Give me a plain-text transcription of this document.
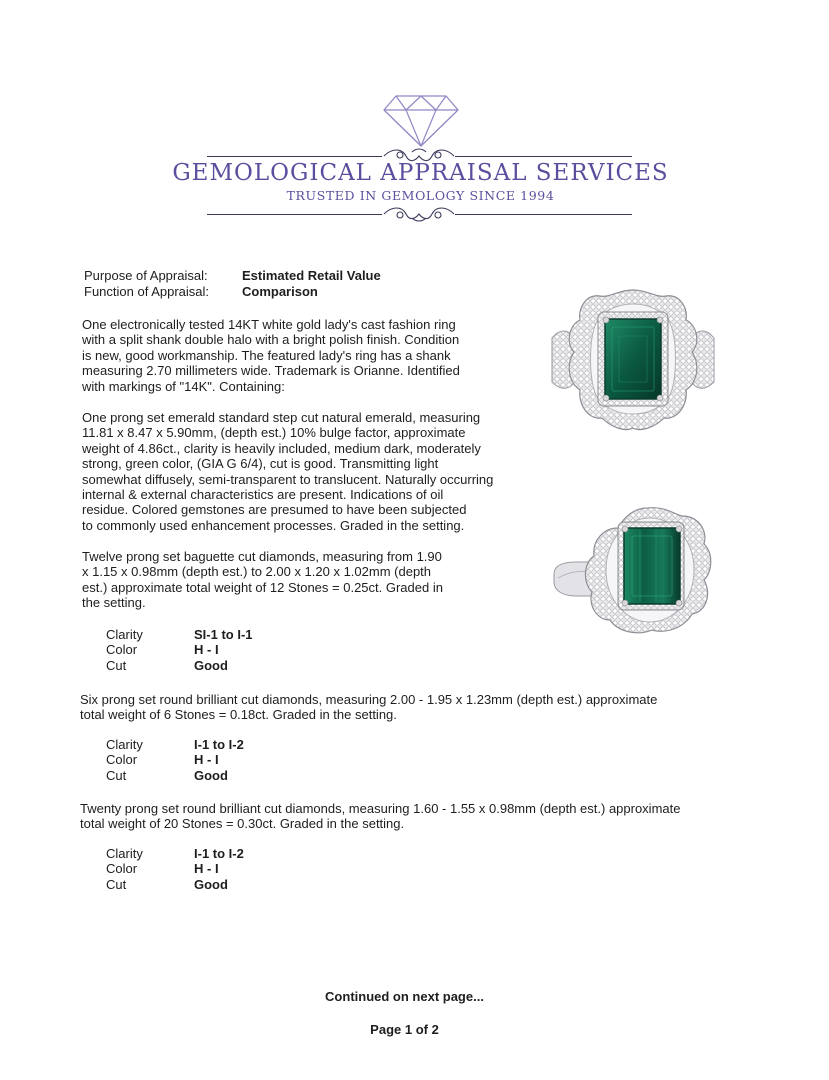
GEMOLOGICAL APPRAISAL SERVICES
TRUSTED IN GEMOLOGY SINCE 1994
Purpose of Appraisal:	Estimated Retail Value
Function of Appraisal:	Comparison
One electronically tested 14KT white gold lady's cast fashion ring
with a split shank double halo with a bright polish finish. Condition
is new, good workmanship. The featured lady's ring has a shank
measuring 2.70 millimeters wide. Trademark is Orianne. Identified
with markings of "14K". Containing:
One prong set emerald standard step cut natural emerald, measuring
11.81 x 8.47 x 5.90mm, (depth est.) 10% bulge factor, approximate
weight of 4.86ct., clarity is heavily included, medium dark, moderately
strong, green color, (GIA G 6/4), cut is good. Transmitting light
somewhat diffusely, semi-transparent to translucent. Naturally occurring
internal & external characteristics are present. Indications of oil
residue. Colored gemstones are presumed to have been subjected
to commonly used enhancement processes. Graded in the setting.
Twelve prong set baguette cut diamonds, measuring from 1.90
x 1.15 x 0.98mm (depth est.) to 2.00 x 1.20 x 1.02mm (depth
est.) approximate total weight of 12 Stones = 0.25ct. Graded in
the setting.
Clarity	SI-1 to I-1
Color	H - I
Cut	Good
Six prong set round brilliant cut diamonds, measuring 2.00 - 1.95 x 1.23mm (depth est.) approximate
total weight of 6 Stones = 0.18ct. Graded in the setting.
Clarity	I-1 to I-2
Color	H - I
Cut	Good
Twenty prong set round brilliant cut diamonds, measuring 1.60 - 1.55 x 0.98mm (depth est.) approximate
total weight of 20 Stones = 0.30ct. Graded in the setting.
Clarity	I-1 to I-2
Color	H - I
Cut	Good
Continued on next page...
Page 1 of 2
